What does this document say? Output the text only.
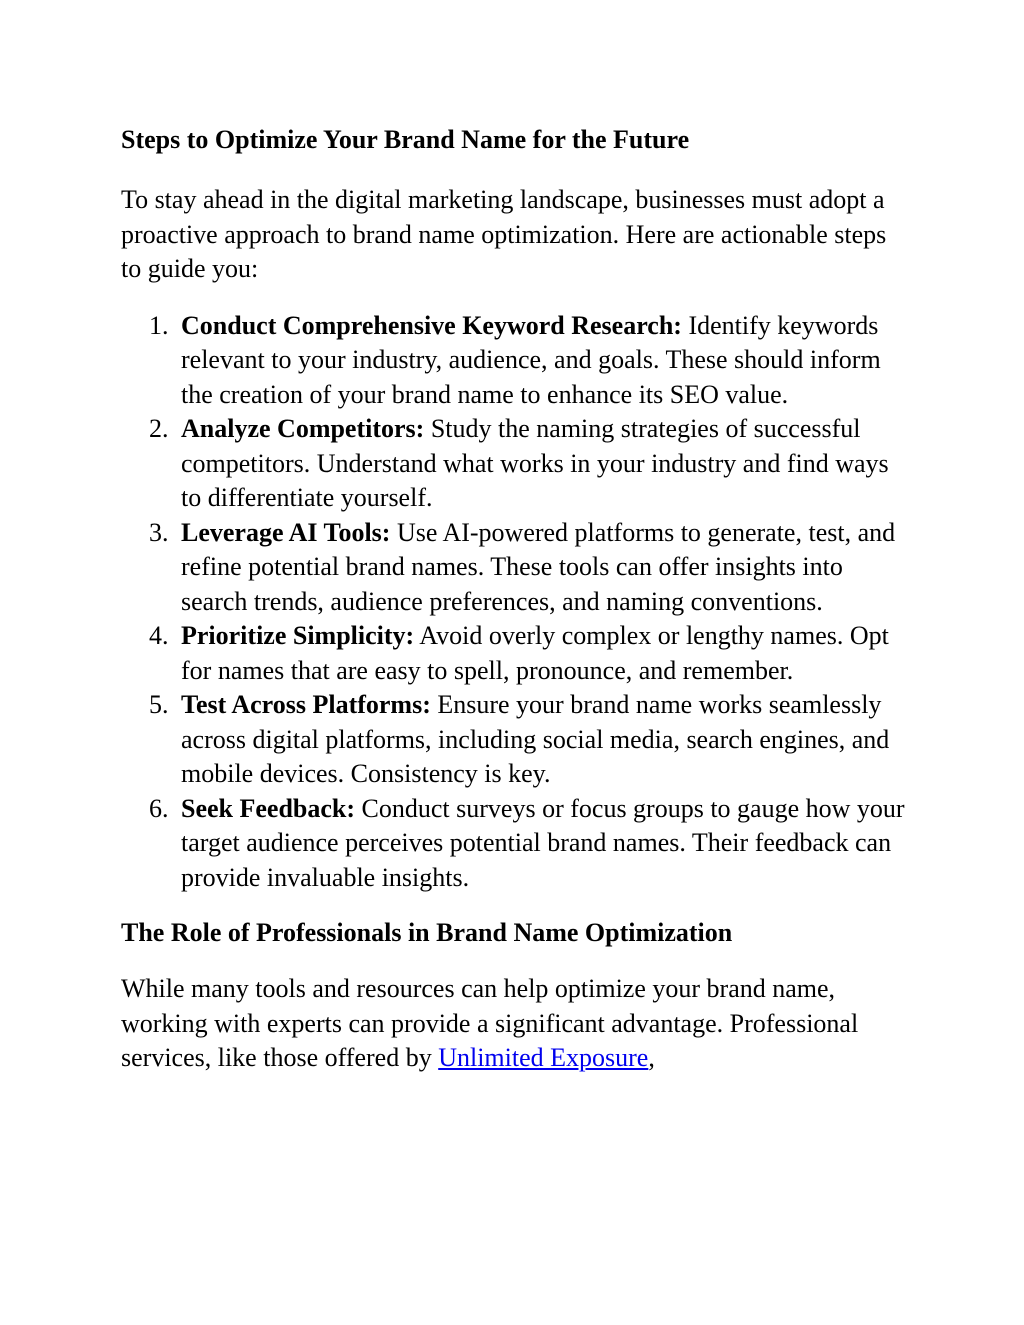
Steps to Optimize Your Brand Name for the Future

To stay ahead in the digital marketing landscape, businesses must adopt a proactive approach to brand name optimization. Here are actionable steps to guide you:

1. Conduct Comprehensive Keyword Research: Identify keywords relevant to your industry, audience, and goals. These should inform the creation of your brand name to enhance its SEO value.
2. Analyze Competitors: Study the naming strategies of successful competitors. Understand what works in your industry and find ways to differentiate yourself.
3. Leverage AI Tools: Use AI-powered platforms to generate, test, and refine potential brand names. These tools can offer insights into search trends, audience preferences, and naming conventions.
4. Prioritize Simplicity: Avoid overly complex or lengthy names. Opt for names that are easy to spell, pronounce, and remember.
5. Test Across Platforms: Ensure your brand name works seamlessly across digital platforms, including social media, search engines, and mobile devices. Consistency is key.
6. Seek Feedback: Conduct surveys or focus groups to gauge how your target audience perceives potential brand names. Their feedback can provide invaluable insights.
The Role of Professionals in Brand Name Optimization

While many tools and resources can help optimize your brand name, working with experts can provide a significant advantage. Professional services, like those offered by Unlimited Exposure,
